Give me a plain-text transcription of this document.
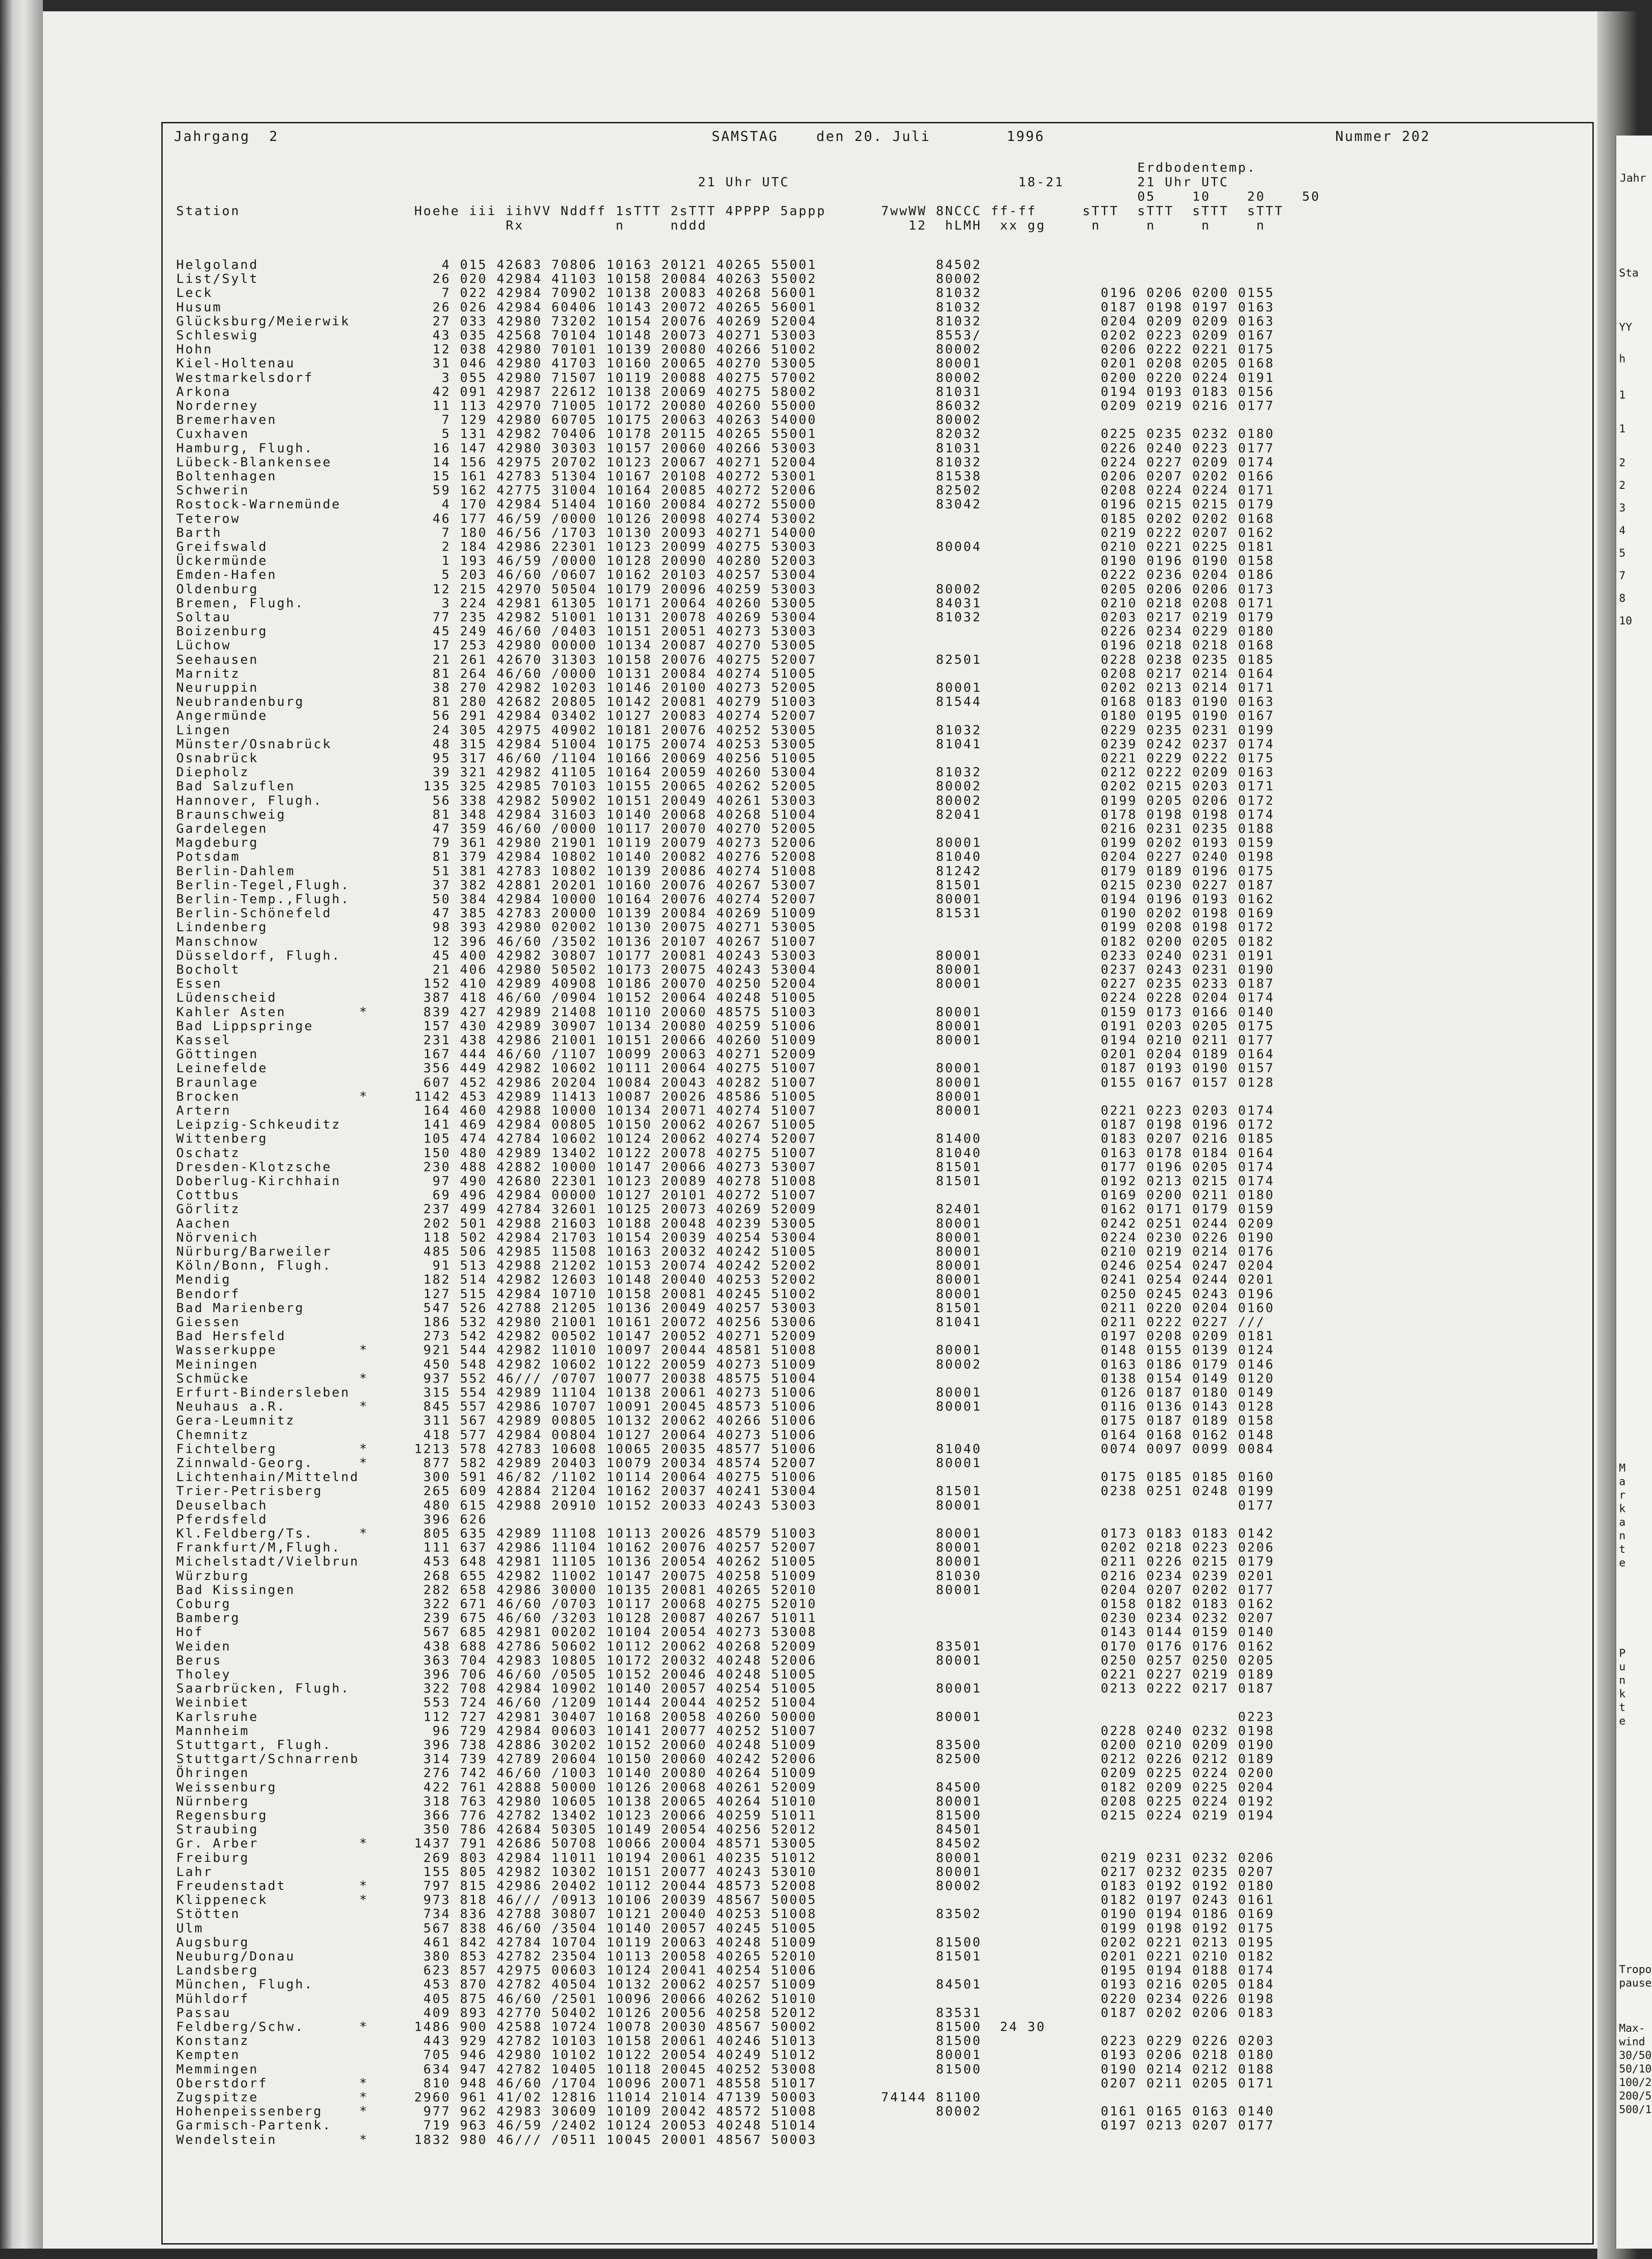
Jahrgang  2	SAMSTAG    den 20. Juli        1996	Nummer 202
Erdbodentemp.
21 Uhr UTC                         18-21        21 Uhr UTC
05    10    20    50
Station                   Hoehe iii iihVV Nddff 1sTTT 2sTTT 4PPPP 5appp      7wwWW 8NCCC ff-ff     sTTT  sTTT  sTTT  sTTT
Rx          n     nddd                      12  hLMH  xx gg     n     n     n     n
Helgoland                    4 015 42683 70806 10163 20121 40265 55001             84502
List/Sylt                   26 020 42984 41103 10158 20084 40263 55002             80002
Leck                         7 022 42984 70902 10138 20083 40268 56001             81032             0196 0206 0200 0155
Husum                       26 026 42984 60406 10143 20072 40265 56001             81032             0187 0198 0197 0163
Glücksburg/Meierwik         27 033 42980 73202 10154 20076 40269 52004             81032             0204 0209 0209 0163
Schleswig                   43 035 42568 70104 10148 20073 40271 53003             8553/             0202 0223 0209 0167
Hohn                        12 038 42980 70101 10139 20080 40266 51002             80002             0206 0222 0221 0175
Kiel-Holtenau               31 046 42980 41703 10160 20065 40270 53005             80001             0201 0208 0205 0168
Westmarkelsdorf              3 055 42980 71507 10119 20088 40275 57002             80002             0200 0220 0224 0191
Arkona                      42 091 42987 22612 10138 20069 40275 58002             81031             0194 0193 0183 0156
Norderney                   11 113 42970 71005 10172 20080 40260 55000             86032             0209 0219 0216 0177
Bremerhaven                  7 129 42980 60705 10175 20063 40263 54000             80002
Cuxhaven                     5 131 42982 70406 10178 20115 40265 55001             82032             0225 0235 0232 0180
Hamburg, Flugh.             16 147 42980 30303 10157 20060 40266 53003             81031             0226 0240 0223 0177
Lübeck-Blankensee           14 156 42975 20702 10123 20067 40271 52004             81032             0224 0227 0209 0174
Boltenhagen                 15 161 42783 51304 10167 20108 40272 53001             81538             0206 0207 0202 0166
Schwerin                    59 162 42775 31004 10164 20085 40272 52006             82502             0208 0224 0224 0171
Rostock-Warnemünde           4 170 42984 51404 10160 20084 40272 55000             83042             0196 0215 0215 0179
Teterow                     46 177 46/59 /0000 10126 20098 40274 53002                               0185 0202 0202 0168
Barth                        7 180 46/56 /1703 10130 20093 40271 54000                               0219 0222 0207 0162
Greifswald                   2 184 42986 22301 10123 20099 40275 53003             80004             0210 0221 0225 0181
Ückermünde                   1 193 46/59 /0000 10128 20090 40280 52003                               0190 0196 0190 0158
Emden-Hafen                  5 203 46/60 /0607 10162 20103 40257 53004                               0222 0236 0204 0186
Oldenburg                   12 215 42970 50504 10179 20096 40259 53003             80002             0205 0206 0206 0173
Bremen, Flugh.               3 224 42981 61305 10171 20064 40260 53005             84031             0210 0218 0208 0171
Soltau                      77 235 42982 51001 10131 20078 40269 53004             81032             0203 0217 0219 0179
Boizenburg                  45 249 46/60 /0403 10151 20051 40273 53003                               0226 0234 0229 0180
Lüchow                      17 253 42980 00000 10134 20087 40270 53005                               0196 0218 0218 0168
Seehausen                   21 261 42670 31303 10158 20076 40275 52007             82501             0228 0238 0235 0185
Marnitz                     81 264 46/60 /0000 10131 20084 40274 51005                               0208 0217 0214 0164
Neuruppin                   38 270 42982 10203 10146 20100 40273 52005             80001             0202 0213 0214 0171
Neubrandenburg              81 280 42682 20805 10142 20081 40279 51003             81544             0168 0183 0190 0163
Angermünde                  56 291 42984 03402 10127 20083 40274 52007                               0180 0195 0190 0167
Lingen                      24 305 42975 40902 10181 20076 40252 53005             81032             0229 0235 0231 0199
Münster/Osnabrück           48 315 42984 51004 10175 20074 40253 53005             81041             0239 0242 0237 0174
Osnabrück                   95 317 46/60 /1104 10166 20069 40256 51005                               0221 0229 0222 0175
Diepholz                    39 321 42982 41105 10164 20059 40260 53004             81032             0212 0222 0209 0163
Bad Salzuflen              135 325 42985 70103 10155 20065 40262 52005             80002             0202 0215 0203 0171
Hannover, Flugh.            56 338 42982 50902 10151 20049 40261 53003             80002             0199 0205 0206 0172
Braunschweig                81 348 42984 31603 10140 20068 40268 51004             82041             0178 0198 0198 0174
Gardelegen                  47 359 46/60 /0000 10117 20070 40270 52005                               0216 0231 0235 0188
Magdeburg                   79 361 42980 21901 10119 20079 40273 52006             80001             0199 0202 0193 0159
Potsdam                     81 379 42984 10802 10140 20082 40276 52008             81040             0204 0227 0240 0198
Berlin-Dahlem               51 381 42783 10802 10139 20086 40274 51008             81242             0179 0189 0196 0175
Berlin-Tegel,Flugh.         37 382 42881 20201 10160 20076 40267 53007             81501             0215 0230 0227 0187
Berlin-Temp.,Flugh.         50 384 42984 10000 10164 20076 40274 52007             80001             0194 0196 0193 0162
Berlin-Schönefeld           47 385 42783 20000 10139 20084 40269 51009             81531             0190 0202 0198 0169
Lindenberg                  98 393 42980 02002 10130 20075 40271 53005                               0199 0208 0198 0172
Manschnow                   12 396 46/60 /3502 10136 20107 40267 51007                               0182 0200 0205 0182
Düsseldorf, Flugh.          45 400 42982 30807 10177 20081 40243 53003             80001             0233 0240 0231 0191
Bocholt                     21 406 42980 50502 10173 20075 40243 53004             80001             0237 0243 0231 0190
Essen                      152 410 42989 40908 10186 20070 40250 52004             80001             0227 0235 0233 0187
Lüdenscheid                387 418 46/60 /0904 10152 20064 40248 51005                               0224 0228 0204 0174
Kahler Asten        *      839 427 42989 21408 10110 20060 48575 51003             80001             0159 0173 0166 0140
Bad Lippspringe            157 430 42989 30907 10134 20080 40259 51006             80001             0191 0203 0205 0175
Kassel                     231 438 42986 21001 10151 20066 40260 51009             80001             0194 0210 0211 0177
Göttingen                  167 444 46/60 /1107 10099 20063 40271 52009                               0201 0204 0189 0164
Leinefelde                 356 449 42982 10602 10111 20064 40275 51007             80001             0187 0193 0190 0157
Braunlage                  607 452 42986 20204 10084 20043 40282 51007             80001             0155 0167 0157 0128
Brocken             *     1142 453 42989 11413 10087 20026 48586 51005             80001
Artern                     164 460 42988 10000 10134 20071 40274 51007             80001             0221 0223 0203 0174
Leipzig-Schkeuditz         141 469 42984 00805 10150 20062 40267 51005                               0187 0198 0196 0172
Wittenberg                 105 474 42784 10602 10124 20062 40274 52007             81400             0183 0207 0216 0185
Oschatz                    150 480 42989 13402 10122 20078 40275 51007             81040             0163 0178 0184 0164
Dresden-Klotzsche          230 488 42882 10000 10147 20066 40273 53007             81501             0177 0196 0205 0174
Doberlug-Kirchhain          97 490 42680 22301 10123 20089 40278 51008             81501             0192 0213 0215 0174
Cottbus                     69 496 42984 00000 10127 20101 40272 51007                               0169 0200 0211 0180
Görlitz                    237 499 42784 32601 10125 20073 40269 52009             82401             0162 0171 0179 0159
Aachen                     202 501 42988 21603 10188 20048 40239 53005             80001             0242 0251 0244 0209
Nörvenich                  118 502 42984 21703 10154 20039 40254 53004             80001             0224 0230 0226 0190
Nürburg/Barweiler          485 506 42985 11508 10163 20032 40242 51005             80001             0210 0219 0214 0176
Köln/Bonn, Flugh.           91 513 42988 21202 10153 20074 40242 52002             80001             0246 0254 0247 0204
Mendig                     182 514 42982 12603 10148 20040 40253 52002             80001             0241 0254 0244 0201
Bendorf                    127 515 42984 10710 10158 20081 40245 51002             80001             0250 0245 0243 0196
Bad Marienberg             547 526 42788 21205 10136 20049 40257 53003             81501             0211 0220 0204 0160
Giessen                    186 532 42980 21001 10161 20072 40256 53006             81041             0211 0222 0227 ///
Bad Hersfeld               273 542 42982 00502 10147 20052 40271 52009                               0197 0208 0209 0181
Wasserkuppe         *      921 544 42982 11010 10097 20044 48581 51008             80001             0148 0155 0139 0124
Meiningen                  450 548 42982 10602 10122 20059 40273 51009             80002             0163 0186 0179 0146
Schmücke            *      937 552 46/// /0707 10077 20038 48575 51004                               0138 0154 0149 0120
Erfurt-Bindersleben        315 554 42989 11104 10138 20061 40273 51006             80001             0126 0187 0180 0149
Neuhaus a.R.        *      845 557 42986 10707 10091 20045 48573 51006             80001             0116 0136 0143 0128
Gera-Leumnitz              311 567 42989 00805 10132 20062 40266 51006                               0175 0187 0189 0158
Chemnitz                   418 577 42984 00804 10127 20064 40273 51006                               0164 0168 0162 0148
Fichtelberg         *     1213 578 42783 10608 10065 20035 48577 51006             81040             0074 0097 0099 0084
Zinnwald-Georg.     *      877 582 42989 20403 10079 20034 48574 52007             80001
Lichtenhain/Mittelnd       300 591 46/82 /1102 10114 20064 40275 51006                               0175 0185 0185 0160
Trier-Petrisberg           265 609 42884 21204 10162 20037 40241 53004             81501             0238 0251 0248 0199
Deuselbach                 480 615 42988 20910 10152 20033 40243 53003             80001                            0177
Pferdsfeld                 396 626
Kl.Feldberg/Ts.     *      805 635 42989 11108 10113 20026 48579 51003             80001             0173 0183 0183 0142
Frankfurt/M,Flugh.         111 637 42986 11104 10162 20076 40257 52007             80001             0202 0218 0223 0206
Michelstadt/Vielbrun       453 648 42981 11105 10136 20054 40262 51005             80001             0211 0226 0215 0179
Würzburg                   268 655 42982 11002 10147 20075 40258 51009             81030             0216 0234 0239 0201
Bad Kissingen              282 658 42986 30000 10135 20081 40265 52010             80001             0204 0207 0202 0177
Coburg                     322 671 46/60 /0703 10117 20068 40275 52010                               0158 0182 0183 0162
Bamberg                    239 675 46/60 /3203 10128 20087 40267 51011                               0230 0234 0232 0207
Hof                        567 685 42981 00202 10104 20054 40273 53008                               0143 0144 0159 0140
Weiden                     438 688 42786 50602 10112 20062 40268 52009             83501             0170 0176 0176 0162
Berus                      363 704 42983 10805 10172 20032 40248 52006             80001             0250 0257 0250 0205
Tholey                     396 706 46/60 /0505 10152 20046 40248 51005                               0221 0227 0219 0189
Saarbrücken, Flugh.        322 708 42984 10902 10140 20057 40254 51005             80001             0213 0222 0217 0187
Weinbiet                   553 724 46/60 /1209 10144 20044 40252 51004
Karlsruhe                  112 727 42981 30407 10168 20058 40260 50000             80001                            0223
Mannheim                    96 729 42984 00603 10141 20077 40252 51007                               0228 0240 0232 0198
Stuttgart, Flugh.          396 738 42886 30202 10152 20060 40248 51009             83500             0200 0210 0209 0190
Stuttgart/Schnarrenb       314 739 42789 20604 10150 20060 40242 52006             82500             0212 0226 0212 0189
Öhringen                   276 742 46/60 /1003 10140 20080 40264 51009                               0209 0225 0224 0200
Weissenburg                422 761 42888 50000 10126 20068 40261 52009             84500             0182 0209 0225 0204
Nürnberg                   318 763 42980 10605 10138 20065 40264 51010             80001             0208 0225 0224 0192
Regensburg                 366 776 42782 13402 10123 20066 40259 51011             81500             0215 0224 0219 0194
Straubing                  350 786 42684 50305 10149 20054 40256 52012             84501
Gr. Arber           *     1437 791 42686 50708 10066 20004 48571 53005             84502
Freiburg                   269 803 42984 11011 10194 20061 40235 51012             80001             0219 0231 0232 0206
Lahr                       155 805 42982 10302 10151 20077 40243 53010             80001             0217 0232 0235 0207
Freudenstadt        *      797 815 42986 20402 10112 20044 48573 52008             80002             0183 0192 0192 0180
Klippeneck          *      973 818 46/// /0913 10106 20039 48567 50005                               0182 0197 0243 0161
Stötten                    734 836 42788 30807 10121 20040 40253 51008             83502             0190 0194 0186 0169
Ulm                        567 838 46/60 /3504 10140 20057 40245 51005                               0199 0198 0192 0175
Augsburg                   461 842 42784 10704 10119 20063 40248 51009             81500             0202 0221 0213 0195
Neuburg/Donau              380 853 42782 23504 10113 20058 40265 52010             81501             0201 0221 0210 0182
Landsberg                  623 857 42975 00603 10124 20041 40254 51006                               0195 0194 0188 0174
München, Flugh.            453 870 42782 40504 10132 20062 40257 51009             84501             0193 0216 0205 0184
Mühldorf                   405 875 46/60 /2501 10096 20066 40262 51010                               0220 0234 0226 0198
Passau                     409 893 42770 50402 10126 20056 40258 52012             83531             0187 0202 0206 0183
Feldberg/Schw.      *     1486 900 42588 10724 10078 20030 48567 50002             81500  24 30
Konstanz                   443 929 42782 10103 10158 20061 40246 51013             81500             0223 0229 0226 0203
Kempten                    705 946 42980 10102 10122 20054 40249 51012             80001             0193 0206 0218 0180
Memmingen                  634 947 42782 10405 10118 20045 40252 53008             81500             0190 0214 0212 0188
Oberstdorf          *      810 948 46/60 /1704 10096 20071 48558 51017                               0207 0211 0205 0171
Zugspitze           *     2960 961 41/02 12816 11014 21014 47139 50003       74144 81100
Hohenpeissenberg    *      977 962 42983 30609 10109 20042 48572 51008             80002             0161 0165 0163 0140
Garmisch-Partenk.          719 963 46/59 /2402 10124 20053 40248 51014                               0197 0213 0207 0177
Wendelstein         *     1832 980 46/// /0511 10045 20001 48567 50003
Jahr
Sta
YY
h
1
1
2
2
3
4
5
7
8
10
M
a
r
k
a
n
t
e
P
u
n
k
t
e
Tropo
pause
Max-
wind
30/50
50/10
100/2
200/5
500/1
